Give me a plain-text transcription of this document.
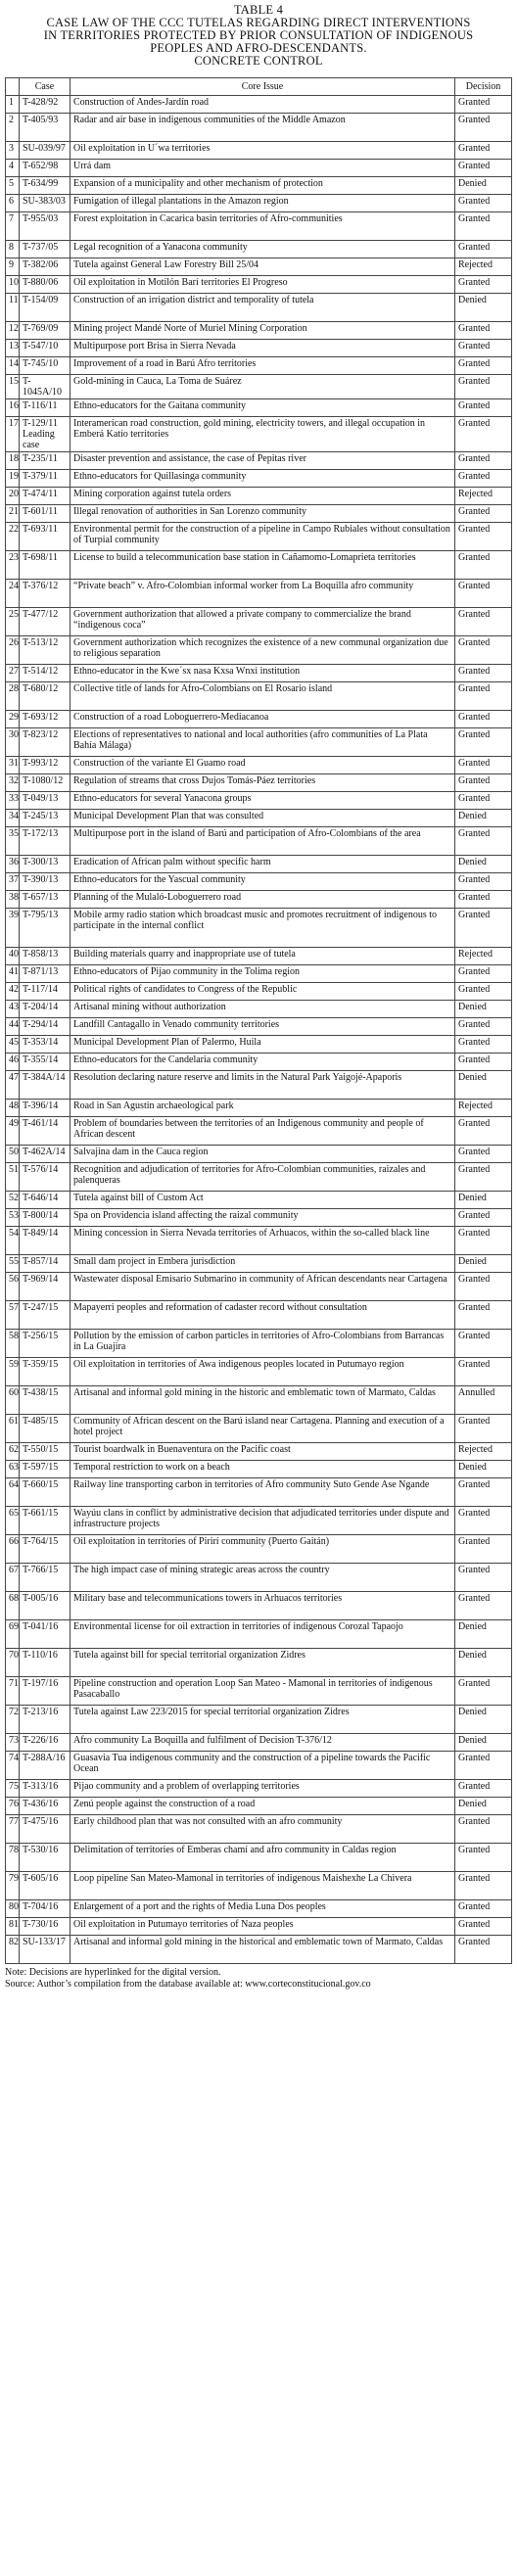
TABLE 4
CASE LAW OF THE CCC TUTELAS REGARDING DIRECT INTERVENTIONS
IN TERRITORIES PROTECTED BY PRIOR CONSULTATION OF INDIGENOUS
PEOPLES AND AFRO-DESCENDANTS.
CONCRETE CONTROL
	Case	Core Issue	Decision
1	T-428/92	Construction of Andes-Jardín road	Granted
2	T-405/93	Radar and air base in indigenous communities of the Middle Amazon	Granted
3	SU-039/97	Oil exploitation in U´wa territories	Granted
4	T-652/98	Urrá dam	Granted
5	T-634/99	Expansion of a municipality and other mechanism of protection	Denied
6	SU-383/03	Fumigation of illegal plantations in the Amazon region	Granted
7	T-955/03	Forest exploitation in Cacarica basin territories of Afro-communities	Granted
8	T-737/05	Legal recognition of a Yanacona community	Granted
9	T-382/06	Tutela against General Law Forestry Bill 25/04	Rejected
10	T-880/06	Oil exploitation in Motilón Barí territories El Progreso	Granted
11	T-154/09	Construction of an irrigation district and temporality of tutela	Denied
12	T-769/09	Mining project Mandé Norte of Muriel Mining Corporation	Granted
13	T-547/10	Multipurpose port Brisa in Sierra Nevada	Granted
14	T-745/10	Improvement of a road in Barú Afro territories	Granted
15	T-1045A/10	Gold-mining in Cauca, La Toma de Suárez	Granted
16	T-116/11	Ethno-educators for the Gaitana community	Granted
17	T-129/11 Leading case	Interamerican road construction, gold mining, electricity towers, and illegal occupation in Emberá Katío territories	Granted
18	T-235/11	Disaster prevention and assistance, the case of Pepitas river	Granted
19	T-379/11	Ethno-educators for Quillasinga community	Granted
20	T-474/11	Mining corporation against tutela orders	Rejected
21	T-601/11	Illegal renovation of authorities in San Lorenzo community	Granted
22	T-693/11	Environmental permit for the construction of a pipeline in Campo Rubiales without consultation of Turpial community	Granted
23	T-698/11	License to build a telecommunication base station in Cañamomo-Lomaprieta territories	Granted
24	T-376/12	“Private beach” v. Afro-Colombian informal worker from La Boquilla afro community	Granted
25	T-477/12	Government authorization that allowed a private company to commercialize the brand “indigenous coca”	Granted
26	T-513/12	Government authorization which recognizes the existence of a new communal organization due to religious separation	Granted
27	T-514/12	Ethno-educator in the Kwe´sx nasa Kxsa Wnxi institution	Granted
28	T-680/12	Collective title of lands for Afro-Colombians on El Rosario island	Granted
29	T-693/12	Construction of a road Loboguerrero-Mediacanoa	Granted
30	T-823/12	Elections of representatives to national and local authorities (afro communities of La Plata Bahía Málaga)	Granted
31	T-993/12	Construction of the variante El Guamo road	Granted
32	T-1080/12	Regulation of streams that cross Dujos Tomás-Páez territories	Granted
33	T-049/13	Ethno-educators for several Yanacona groups	Granted
34	T-245/13	Municipal Development Plan that was consulted	Denied
35	T-172/13	Multipurpose port in the island of Barú and participation of Afro-Colombians of the area	Granted
36	T-300/13	Eradication of African palm without specific harm	Denied
37	T-390/13	Ethno-educators for the Yascual community	Granted
38	T-657/13	Planning of the Mulaló-Loboguerrero road	Granted
39	T-795/13	Mobile army radio station which broadcast music and promotes recruitment of indigenous to participate in the internal conflict	Granted
40	T-858/13	Building materials quarry and inappropriate use of tutela	Rejected
41	T-871/13	Ethno-educators of Pijao community in the Tolima region	Granted
42	T-117/14	Political rights of candidates to Congress of the Republic	Granted
43	T-204/14	Artisanal mining without authorization	Denied
44	T-294/14	Landfill Cantagallo in Venado community territories	Granted
45	T-353/14	Municipal Development Plan of Palermo, Huila	Granted
46	T-355/14	Ethno-educators for the Candelaria community	Granted
47	T-384A/14	Resolution declaring nature reserve and limits in the Natural Park Yaigojé-Apaporis	Denied
48	T-396/14	Road in San Agustin archaeological park	Rejected
49	T-461/14	Problem of boundaries between the territories of an Indigenous community and people of African descent	Granted
50	T-462A/14	Salvajina dam in the Cauca region	Granted
51	T-576/14	Recognition and adjudication of territories for Afro-Colombian communities, raizales and palenqueras	Granted
52	T-646/14	Tutela against bill of Custom Act	Denied
53	T-800/14	Spa on Providencia island affecting the raizal community	Granted
54	T-849/14	Mining concession in Sierra Nevada territories of Arhuacos, within the so-called black line	Granted
55	T-857/14	Small dam project in Embera jurisdiction	Denied
56	T-969/14	Wastewater disposal Emisario Submarino in community of African descendants near Cartagena	Granted
57	T-247/15	Mapayerri peoples and reformation of cadaster record without consultation	Granted
58	T-256/15	Pollution by the emission of carbon particles in territories of Afro-Colombians from Barrancas in La Guajira	Granted
59	T-359/15	Oil exploitation in territories of Awa indigenous peoples located in Putumayo region	Granted
60	T-438/15	Artisanal and informal gold mining in the historic and emblematic town of Marmato, Caldas	Annulled
61	T-485/15	Community of African descent on the Barú island near Cartagena. Planning and execution of a hotel project	Granted
62	T-550/15	Tourist boardwalk in Buenaventura on the Pacific coast	Rejected
63	T-597/15	Temporal restriction to work on a beach	Denied
64	T-660/15	Railway line transporting carbon in territories of Afro community Suto Gende Ase Ngande	Granted
65	T-661/15	Wayúu clans in conflict by administrative decision that adjudicated territories under dispute and infrastructure projects	Granted
66	T-764/15	Oil exploitation in territories of Pirirí community (Puerto Gaitán)	Granted
67	T-766/15	The high impact case of mining strategic areas across the country	Granted
68	T-005/16	Military base and telecommunications towers in Arhuacos territories	Granted
69	T-041/16	Environmental license for oil extraction in territories of indigenous Corozal Tapaojo	Denied
70	T-110/16	Tutela against bill for special territorial organization Zidres	Denied
71	T-197/16	Pipeline construction and operation Loop San Mateo - Mamonal in territories of indigenous Pasacaballo	Granted
72	T-213/16	Tutela against Law 223/2015 for special territorial organization Zidres	Denied
73	T-226/16	Afro community La Boquilla and fulfilment of Decision T-376/12	Denied
74	T-288A/16	Guasavia Tua indigenous community and the construction of a pipeline towards the Pacific Ocean	Granted
75	T-313/16	Pijao community and a problem of overlapping territories	Granted
76	T-436/16	Zenú people against the construction of a road	Denied
77	T-475/16	Early childhood plan that was not consulted with an afro community	Granted
78	T-530/16	Delimitation of territories of Emberas chamí and afro community in Caldas region	Granted
79	T-605/16	Loop pipeline San Mateo-Mamonal in territories of indigenous Maishexhe La Chivera	Granted
80	T-704/16	Enlargement of a port and the rights of Media Luna Dos peoples	Granted
81	T-730/16	Oil exploitation in Putumayo territories of Naza peoples	Granted
82	SU-133/17	Artisanal and informal gold mining in the historical and emblematic town of Marmato, Caldas	Granted
Note: Decisions are hyperlinked for the digital version.
Source: Author’s compilation from the database available at: www.corteconstitucional.gov.co
